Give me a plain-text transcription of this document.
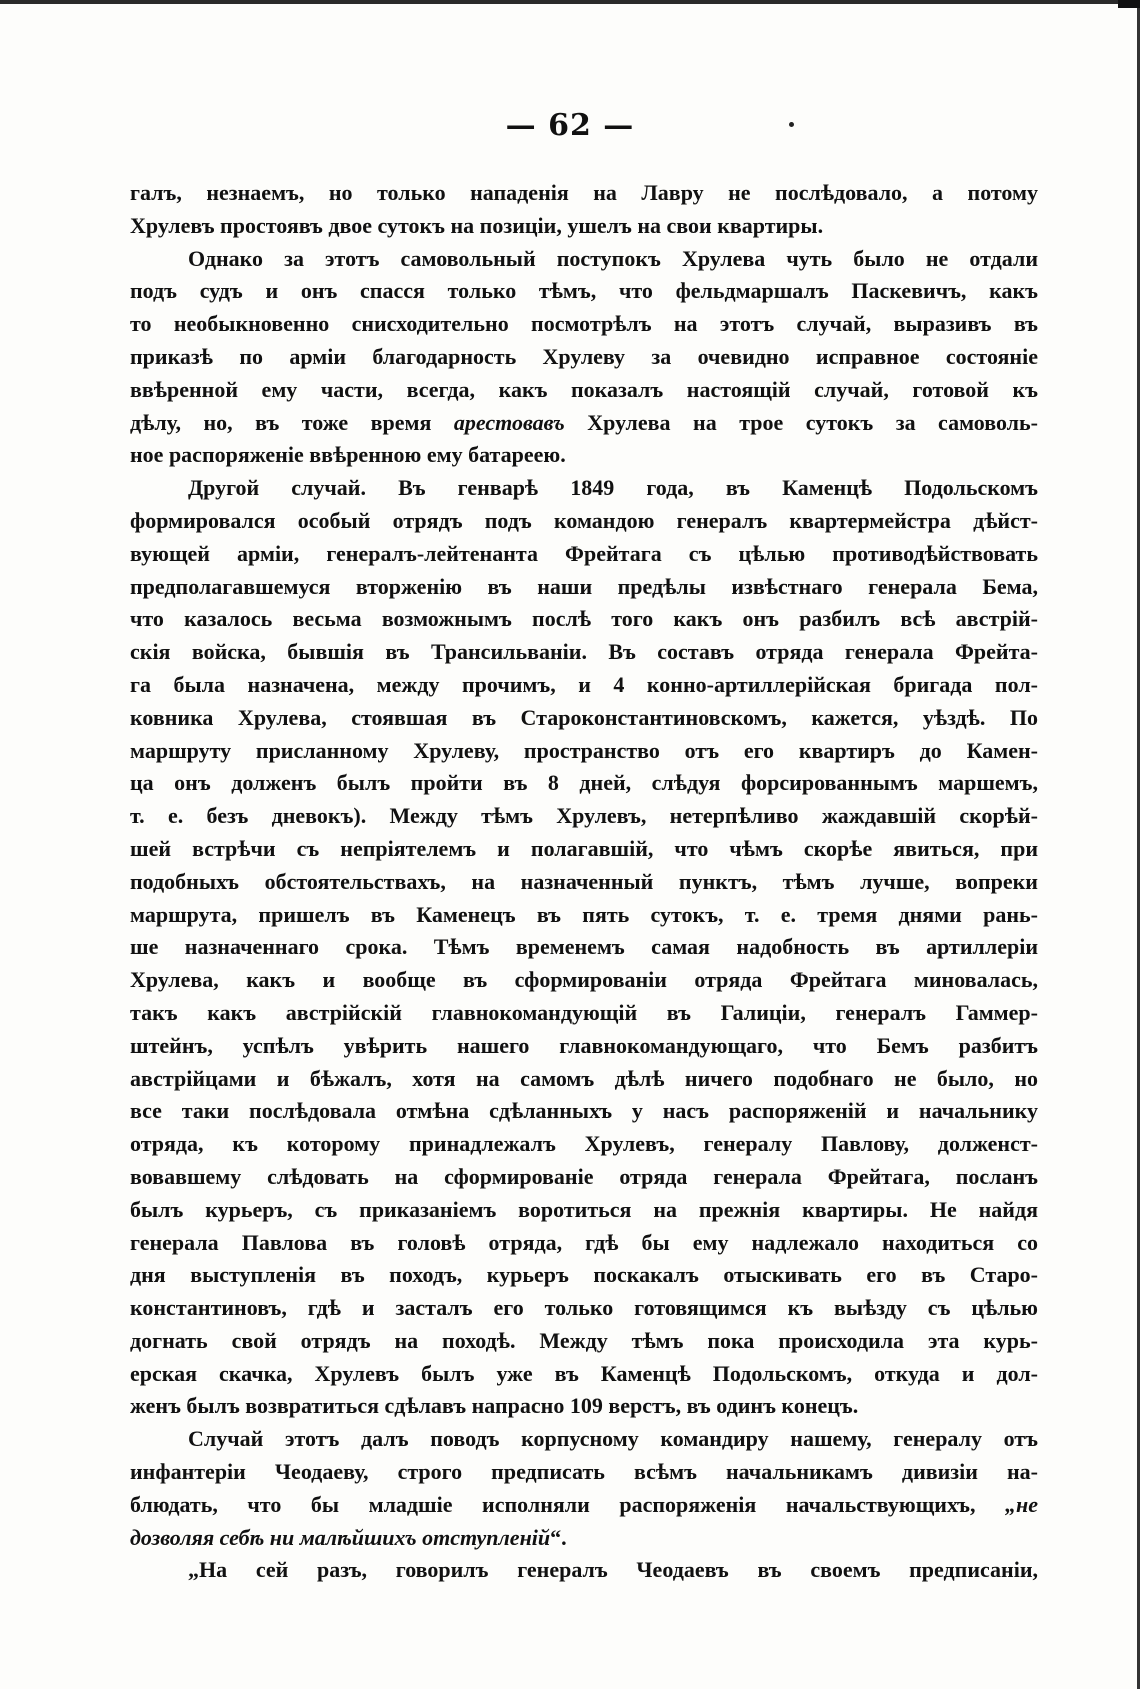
— 62 —
галъ, незнаемъ, но только нападенія на Лавру не послѣдовало, а потому
Хрулевъ простоявъ двое сутокъ на позиціи, ушелъ на свои квартиры.
Однако за этотъ самовольный поступокъ Хрулева чуть было не отдали
подъ судъ и онъ спасся только тѣмъ, что фельдмаршалъ Паскевичъ, какъ
то необыкновенно снисходительно посмотрѣлъ на этотъ случай, выразивъ въ
приказѣ по арміи благодарность Хрулеву за очевидно исправное состояніе
ввѣренной ему части, всегда, какъ показалъ настоящій случай, готовой къ
дѣлу, но, въ тоже время арестовавъ Хрулева на трое сутокъ за самоволь-
ное распоряженіе ввѣренною ему батареею.
Другой случай. Въ генварѣ 1849 года, въ Каменцѣ Подольскомъ
формировался особый отрядъ подъ командою генералъ квартермейстра дѣйст-
вующей арміи, генералъ-лейтенанта Фрейтага съ цѣлью противодѣйствовать
предполагавшемуся вторженію въ наши предѣлы извѣстнаго генерала Бема,
что казалось весьма возможнымъ послѣ того какъ онъ разбилъ всѣ австрій-
скія войска, бывшія въ Трансильваніи. Въ составъ отряда генерала Фрейта-
га была назначена, между прочимъ, и 4 конно-артиллерійская бригада пол-
ковника Хрулева, стоявшая въ Староконстантиновскомъ, кажется, уѣздѣ. По
маршруту присланному Хрулеву, пространство отъ его квартиръ до Камен-
ца онъ долженъ былъ пройти въ 8 дней, слѣдуя форсированнымъ маршемъ,
т. е. безъ дневокъ). Между тѣмъ Хрулевъ, нетерпѣливо жаждавшій скорѣй-
шей встрѣчи съ непріятелемъ и полагавшій, что чѣмъ скорѣе явиться, при
подобныхъ обстоятельствахъ, на назначенный пунктъ, тѣмъ лучше, вопреки
маршрута, пришелъ въ Каменецъ въ пять сутокъ, т. е. тремя днями рань-
ше назначеннаго срока. Тѣмъ временемъ самая надобность въ артиллеріи
Хрулева, какъ и вообще въ сформированіи отряда Фрейтага миновалась,
такъ какъ австрійскій главнокомандующій въ Галиціи, генералъ Гаммер-
штейнъ, успѣлъ увѣрить нашего главнокомандующаго, что Бемъ разбитъ
австрійцами и бѣжалъ, хотя на самомъ дѣлѣ ничего подобнаго не было, но
все таки послѣдовала отмѣна сдѣланныхъ у насъ распоряженій и начальнику
отряда, къ которому принадлежалъ Хрулевъ, генералу Павлову, долженст-
вовавшему слѣдовать на сформированіе отряда генерала Фрейтага, посланъ
былъ курьеръ, съ приказаніемъ воротиться на прежнія квартиры. Не найдя
генерала Павлова въ головѣ отряда, гдѣ бы ему надлежало находиться со
дня выступленія въ походъ, курьеръ поскакалъ отыскивать его въ Старо-
константиновъ, гдѣ и засталъ его только готовящимся къ выѣзду съ цѣлью
догнать свой отрядъ на походѣ. Между тѣмъ пока происходила эта курь-
ерская скачка, Хрулевъ былъ уже въ Каменцѣ Подольскомъ, откуда и дол-
женъ былъ возвратиться сдѣлавъ напрасно 109 верстъ, въ одинъ конецъ.
Случай этотъ далъ поводъ корпусному командиру нашему, генералу отъ
инфантеріи Чеодаеву, строго предписать всѣмъ начальникамъ дивизіи на-
блюдать, что бы младшіе исполняли распоряженія начальствующихъ, „не
дозволяя себѣ ни малѣйшихъ отступленій“.
„На сей разъ, говорилъ генералъ Чеодаевъ въ своемъ предписаніи,
